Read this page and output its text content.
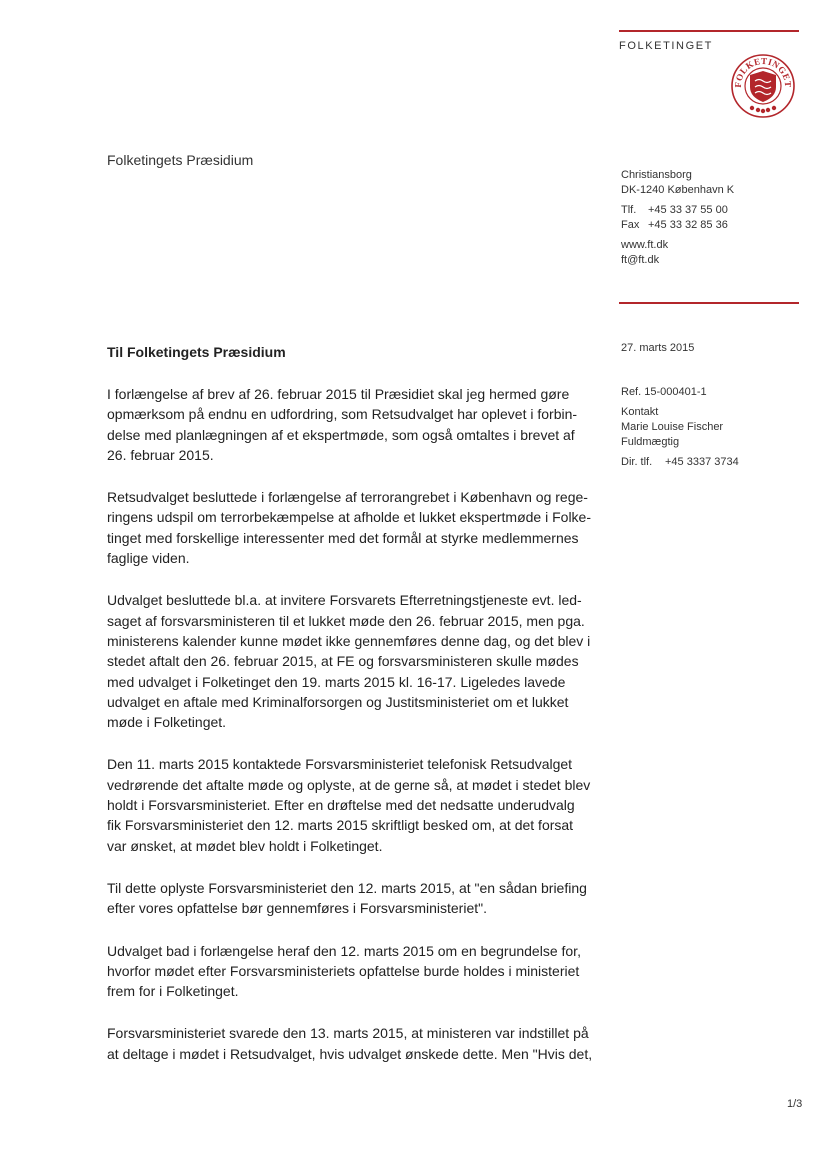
FOLKETINGET
FOLKETINGET
Folketingets Præsidium
Christiansborg
DK-1240 København K
Tlf.	+45 33 37 55 00
Fax +45 33 32 85 36
www.ft.dk
ft@ft.dk
27. marts 2015
Ref. 15-000401-1
Kontakt
Marie Louise Fischer
Fuldmægtig
Dir. tlf.	+45 3337 3734
Til Folketingets Præsidium

I forlængelse af brev af 26. februar 2015 til Præsidiet skal jeg hermed gøre
opmærksom på endnu en udfordring, som Retsudvalget har oplevet i forbin-
delse med planlægningen af et ekspertmøde, som også omtaltes i brevet af
26. februar 2015.

Retsudvalget besluttede i forlængelse af terrorangrebet i København og rege-
ringens udspil om terrorbekæmpelse at afholde et lukket ekspertmøde i Folke-
tinget med forskellige interessenter med det formål at styrke medlemmernes
faglige viden.

Udvalget besluttede bl.a. at invitere Forsvarets Efterretningstjeneste evt. led-
saget af forsvarsministeren til et lukket møde den 26. februar 2015, men pga.
ministerens kalender kunne mødet ikke gennemføres denne dag, og det blev i
stedet aftalt den 26. februar 2015, at FE og forsvarsministeren skulle mødes
med udvalget i Folketinget den 19. marts 2015 kl. 16-17. Ligeledes lavede
udvalget en aftale med Kriminalforsorgen og Justitsministeriet om et lukket
møde i Folketinget.

Den 11. marts 2015 kontaktede Forsvarsministeriet telefonisk Retsudvalget
vedrørende det aftalte møde og oplyste, at de gerne så, at mødet i stedet blev
holdt i Forsvarsministeriet. Efter en drøftelse med det nedsatte underudvalg
fik Forsvarsministeriet den 12. marts 2015 skriftligt besked om, at det forsat
var ønsket, at mødet blev holdt i Folketinget.

Til dette oplyste Forsvarsministeriet den 12. marts 2015, at "en sådan briefing
efter vores opfattelse bør gennemføres i Forsvarsministeriet".

Udvalget bad i forlængelse heraf den 12. marts 2015 om en begrundelse for,
hvorfor mødet efter Forsvarsministeriets opfattelse burde holdes i ministeriet
frem for i Folketinget.

Forsvarsministeriet svarede den 13. marts 2015, at ministeren var indstillet på
at deltage i mødet i Retsudvalget, hvis udvalget ønskede dette. Men "Hvis det,

1/3
